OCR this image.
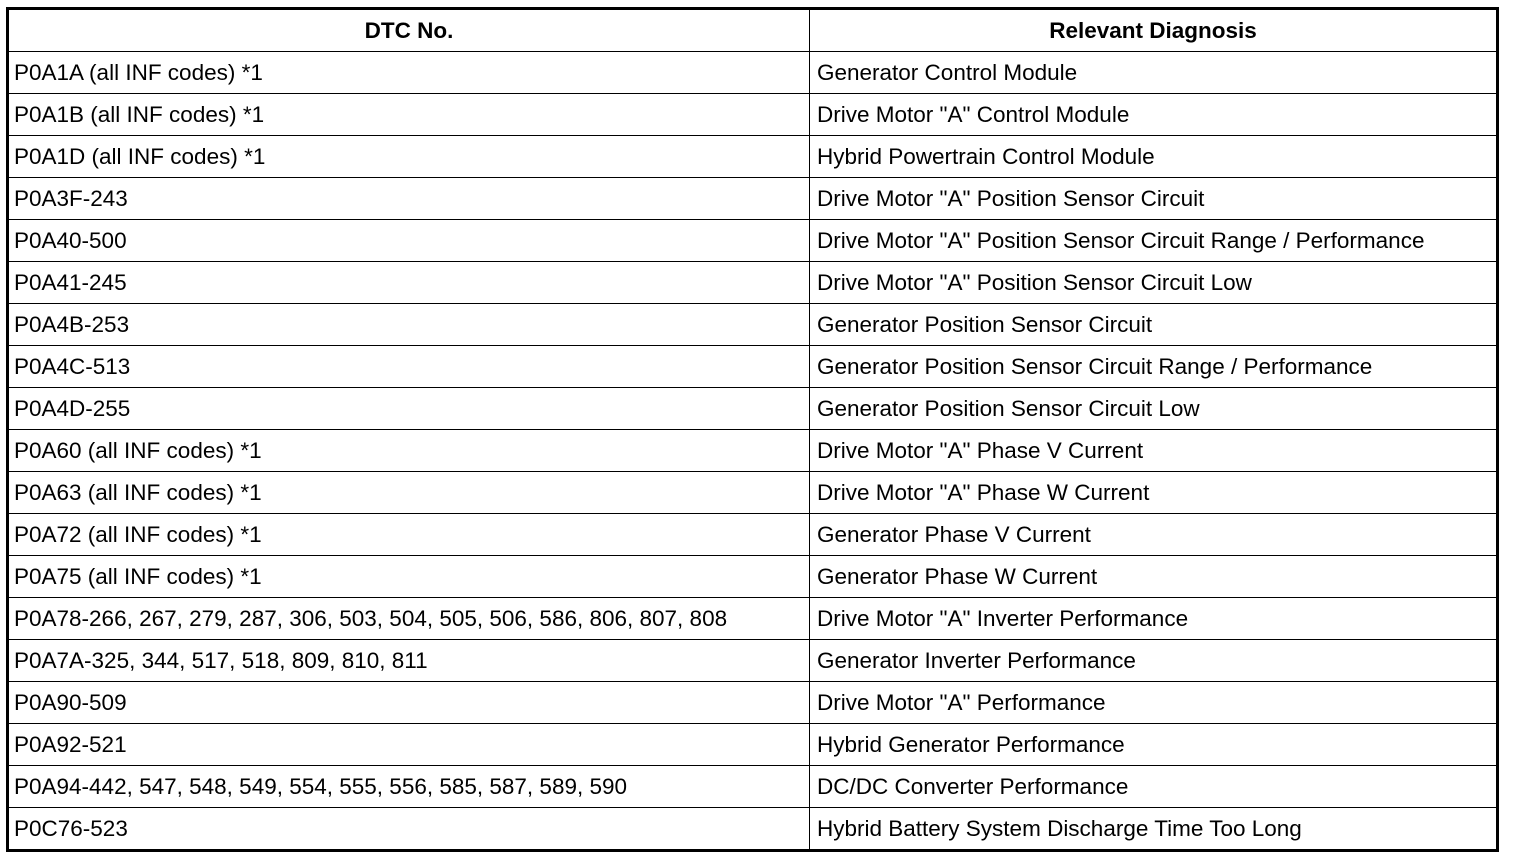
DTC No.	Relevant Diagnosis
P0A1A (all INF codes) *1	Generator Control Module
P0A1B (all INF codes) *1	Drive Motor "A" Control Module
P0A1D (all INF codes) *1	Hybrid Powertrain Control Module
P0A3F-243	Drive Motor "A" Position Sensor Circuit
P0A40-500	Drive Motor "A" Position Sensor Circuit Range / Performance
P0A41-245	Drive Motor "A" Position Sensor Circuit Low
P0A4B-253	Generator Position Sensor Circuit
P0A4C-513	Generator Position Sensor Circuit Range / Performance
P0A4D-255	Generator Position Sensor Circuit Low
P0A60 (all INF codes) *1	Drive Motor "A" Phase V Current
P0A63 (all INF codes) *1	Drive Motor "A" Phase W Current
P0A72 (all INF codes) *1	Generator Phase V Current
P0A75 (all INF codes) *1	Generator Phase W Current
P0A78-266, 267, 279, 287, 306, 503, 504, 505, 506, 586, 806, 807, 808	Drive Motor "A" Inverter Performance
P0A7A-325, 344, 517, 518, 809, 810, 811	Generator Inverter Performance
P0A90-509	Drive Motor "A" Performance
P0A92-521	Hybrid Generator Performance
P0A94-442, 547, 548, 549, 554, 555, 556, 585, 587, 589, 590	DC/DC Converter Performance
P0C76-523	Hybrid Battery System Discharge Time Too Long
